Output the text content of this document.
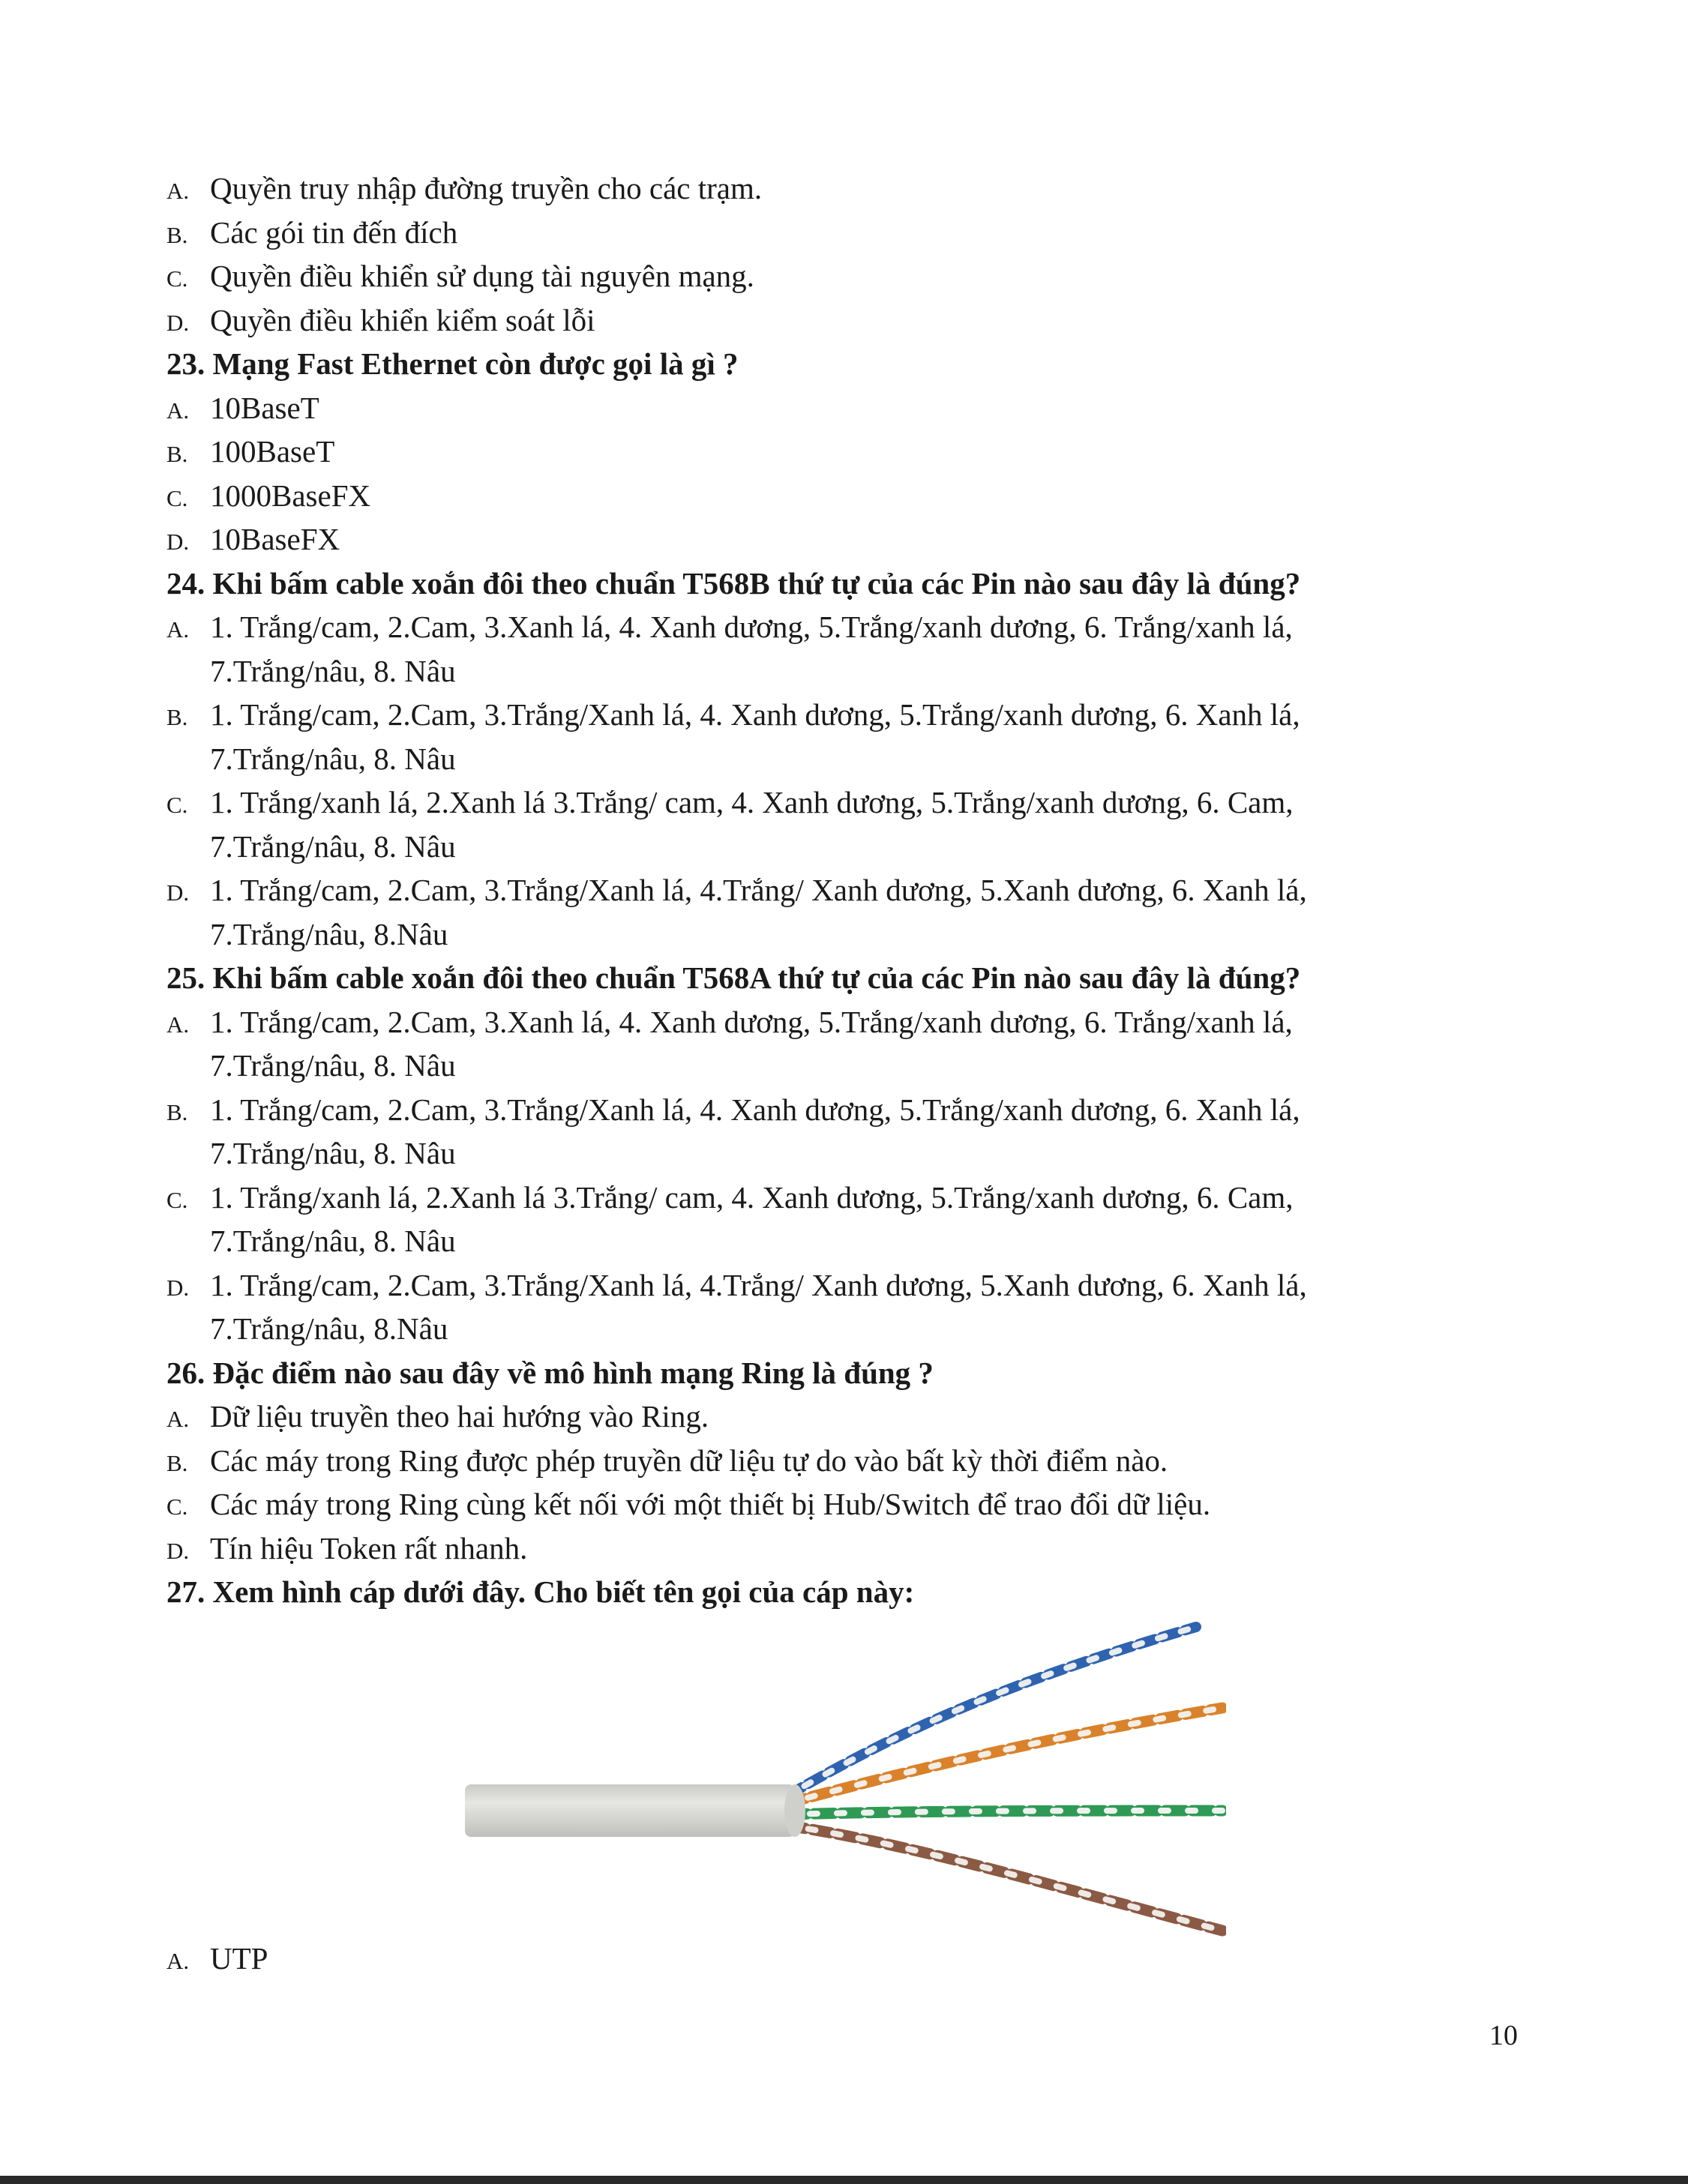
A. Quyền truy nhập đường truyền cho các trạm.
B. Các gói tin đến đích
C. Quyền điều khiển sử dụng tài nguyên mạng.
D. Quyền điều khiển kiểm soát lỗi
23. Mạng Fast Ethernet còn được gọi là gì ?
A. 10BaseT
B. 100BaseT
C. 1000BaseFX
D. 10BaseFX
24. Khi bấm cable xoắn đôi theo chuẩn T568B thứ tự của các Pin nào sau đây là đúng?
A. 1. Trắng/cam, 2.Cam, 3.Xanh lá, 4. Xanh dương, 5.Trắng/xanh dương, 6. Trắng/xanh lá,
7.Trắng/nâu, 8. Nâu
B. 1. Trắng/cam, 2.Cam, 3.Trắng/Xanh lá, 4. Xanh dương, 5.Trắng/xanh dương, 6. Xanh lá,
7.Trắng/nâu, 8. Nâu
C. 1. Trắng/xanh lá, 2.Xanh lá 3.Trắng/ cam, 4. Xanh dương, 5.Trắng/xanh dương, 6. Cam,
7.Trắng/nâu, 8. Nâu
D. 1. Trắng/cam, 2.Cam, 3.Trắng/Xanh lá, 4.Trắng/ Xanh dương, 5.Xanh dương, 6. Xanh lá,
7.Trắng/nâu, 8.Nâu
25. Khi bấm cable xoắn đôi theo chuẩn T568A thứ tự của các Pin nào sau đây là đúng?
A. 1. Trắng/cam, 2.Cam, 3.Xanh lá, 4. Xanh dương, 5.Trắng/xanh dương, 6. Trắng/xanh lá,
7.Trắng/nâu, 8. Nâu
B. 1. Trắng/cam, 2.Cam, 3.Trắng/Xanh lá, 4. Xanh dương, 5.Trắng/xanh dương, 6. Xanh lá,
7.Trắng/nâu, 8. Nâu
C. 1. Trắng/xanh lá, 2.Xanh lá 3.Trắng/ cam, 4. Xanh dương, 5.Trắng/xanh dương, 6. Cam,
7.Trắng/nâu, 8. Nâu
D. 1. Trắng/cam, 2.Cam, 3.Trắng/Xanh lá, 4.Trắng/ Xanh dương, 5.Xanh dương, 6. Xanh lá,
7.Trắng/nâu, 8.Nâu
26. Đặc điểm nào sau đây về mô hình mạng Ring là đúng ?
A. Dữ liệu truyền theo hai hướng vào Ring.
B. Các máy trong Ring được phép truyền dữ liệu tự do vào bất kỳ thời điểm nào.
C. Các máy trong Ring cùng kết nối với một thiết bị Hub/Switch để trao đổi dữ liệu.
D. Tín hiệu Token rất nhanh.
27. Xem hình cáp dưới đây. Cho biết tên gọi của cáp này:
A. UTP
10
